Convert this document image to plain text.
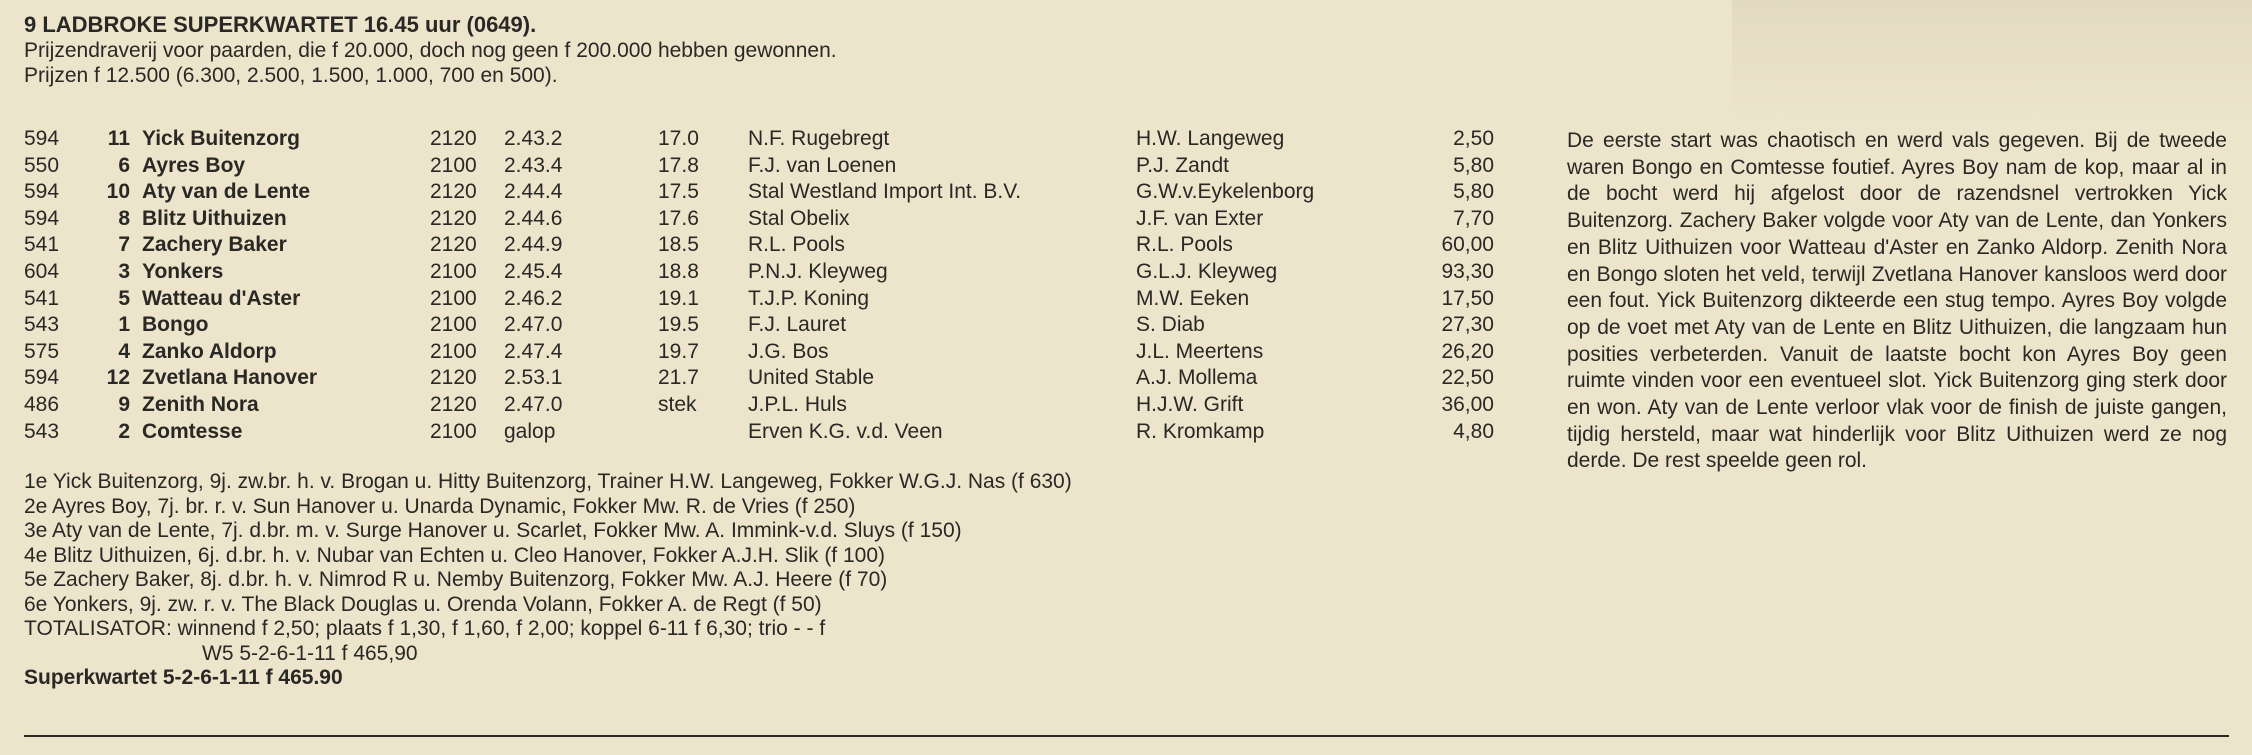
9 LADBROKE SUPERKWARTET 16.45 uur (0649).
Prijzendraverij voor paarden, die f 20.000, doch nog geen f 200.000 hebben gewonnen.
Prijzen f 12.500 (6.300, 2.500, 1.500, 1.000, 700 en 500).
594	11 Yick Buitenzorg	2120 2.43.2	17.0 N.F. Rugebregt	H.W. Langeweg	2,50
550	6 Ayres Boy	2100 2.43.4	17.8 F.J. van Loenen	P.J. Zandt	5,80
594	10 Aty van de Lente	2120 2.44.4	17.5 Stal Westland Import Int. B.V.	G.W.v.Eykelenborg	5,80
594	8 Blitz Uithuizen	2120 2.44.6	17.6 Stal Obelix	J.F. van Exter	7,70
541	7 Zachery Baker	2120 2.44.9	18.5 R.L. Pools	R.L. Pools	60,00
604	3 Yonkers	2100 2.45.4	18.8 P.N.J. Kleyweg	G.L.J. Kleyweg	93,30
541	5 Watteau d'Aster	2100 2.46.2	19.1 T.J.P. Koning	M.W. Eeken	17,50
543	1 Bongo	2100 2.47.0	19.5 F.J. Lauret	S. Diab	27,30
575	4 Zanko Aldorp	2100 2.47.4	19.7 J.G. Bos	J.L. Meertens	26,20
594	12 Zvetlana Hanover	2120 2.53.1	21.7 United Stable	A.J. Mollema	22,50
486	9 Zenith Nora	2120 2.47.0	stek J.P.L. Huls	H.J.W. Grift	36,00
543	2 Comtesse	2100 galop	Erven K.G. v.d. Veen	R. Kromkamp	4,80
De eerste start was chaotisch en werd vals gegeven. Bij de tweede waren Bongo en Comtesse foutief. Ayres Boy nam de kop, maar al in de bocht werd hij afgelost door de razendsnel vertrokken Yick Buitenzorg. Zachery Baker volgde voor Aty van de Lente, dan Yonkers en Blitz Uithuizen voor Watteau d'Aster en Zanko Aldorp. Zenith Nora en Bongo sloten het veld, terwijl Zvetlana Hanover kansloos werd door een fout. Yick Buitenzorg dikteerde een stug tempo. Ayres Boy volgde op de voet met Aty van de Lente en Blitz Uithuizen, die langzaam hun posities verbeterden. Vanuit de laatste bocht kon Ayres Boy geen ruimte vinden voor een eventueel slot. Yick Buitenzorg ging sterk door en won. Aty van de Lente verloor vlak voor de finish de juiste gangen, tijdig hersteld, maar wat hinderlijk voor Blitz Uithuizen werd ze nog derde. De rest speelde geen rol.
1e Yick Buitenzorg, 9j. zw.br. h. v. Brogan u. Hitty Buitenzorg, Trainer H.W. Langeweg, Fokker W.G.J. Nas (f 630)
2e Ayres Boy, 7j. br. r. v. Sun Hanover u. Unarda Dynamic, Fokker Mw. R. de Vries (f 250)
3e Aty van de Lente, 7j. d.br. m. v. Surge Hanover u. Scarlet, Fokker Mw. A. Immink-v.d. Sluys (f 150)
4e Blitz Uithuizen, 6j. d.br. h. v. Nubar van Echten u. Cleo Hanover, Fokker A.J.H. Slik (f 100)
5e Zachery Baker, 8j. d.br. h. v. Nimrod R u. Nemby Buitenzorg, Fokker Mw. A.J. Heere (f 70)
6e Yonkers, 9j. zw. r. v. The Black Douglas u. Orenda Volann, Fokker A. de Regt (f 50)
TOTALISATOR: winnend f 2,50; plaats f 1,30, f 1,60, f 2,00; koppel 6-11 f 6,30; trio - - f
W5 5-2-6-1-11 f 465,90
Superkwartet 5-2-6-1-11 f 465.90
